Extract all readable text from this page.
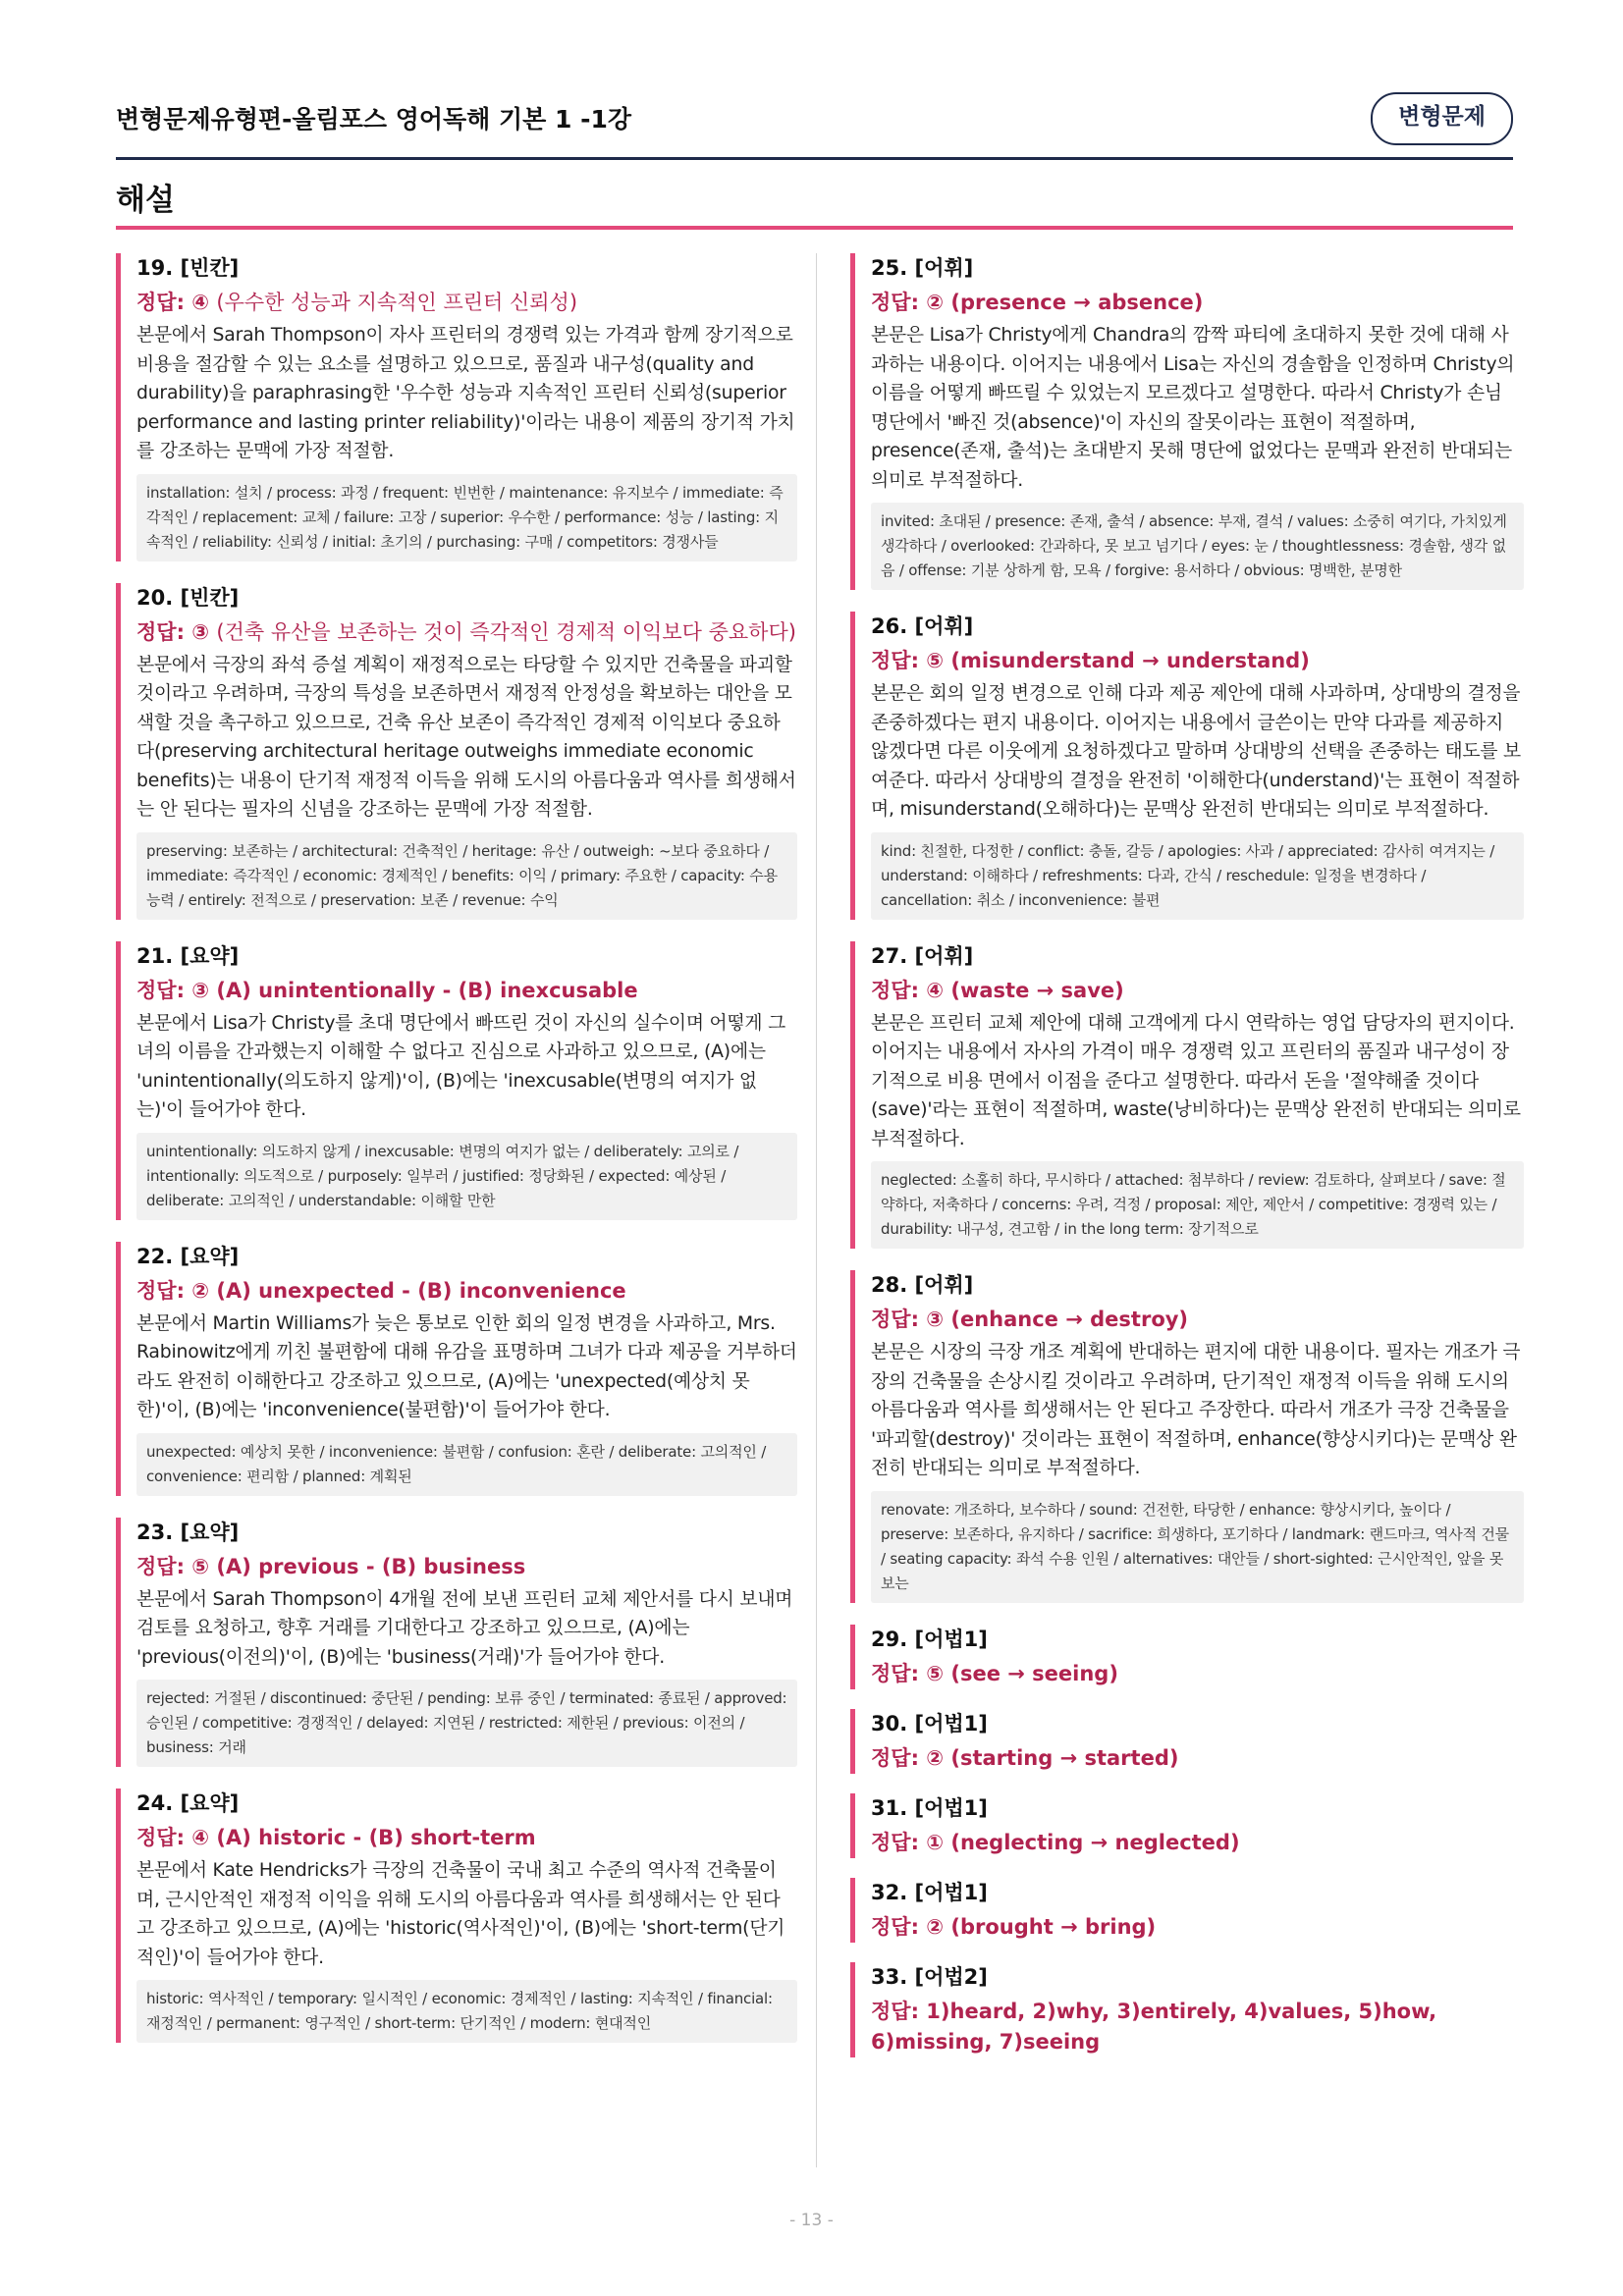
변형문제유형편-올림포스 영어독해 기본 1 -1강	변형문제
해설
19. [빈칸]
정답: ④ (우수한 성능과 지속적인 프린터 신뢰성)
본문에서 Sarah Thompson이 자사 프린터의 경쟁력 있는 가격과 함께 장기적으로 비용을 절감할 수 있는 요소를 설명하고 있으므로, 품질과 내구성(quality and durability)을 paraphrasing한 '우수한 성능과 지속적인 프린터 신뢰성(superior performance and lasting printer reliability)'이라는 내용이 제품의 장기적 가치를 강조하는 문맥에 가장 적절함.
installation: 설치 / process: 과정 / frequent: 빈번한 / maintenance: 유지보수 / immediate: 즉각적인 / replacement: 교체 / failure: 고장 / superior: 우수한 / performance: 성능 / lasting: 지속적인 / reliability: 신뢰성 / initial: 초기의 / purchasing: 구매 / competitors: 경쟁사들
20. [빈칸]
정답: ③ (건축 유산을 보존하는 것이 즉각적인 경제적 이익보다 중요하다)
본문에서 극장의 좌석 증설 계획이 재정적으로는 타당할 수 있지만 건축물을 파괴할 것이라고 우려하며, 극장의 특성을 보존하면서 재정적 안정성을 확보하는 대안을 모색할 것을 촉구하고 있으므로, 건축 유산 보존이 즉각적인 경제적 이익보다 중요하다(preserving architectural heritage outweighs immediate economic benefits)는 내용이 단기적 재정적 이득을 위해 도시의 아름다움과 역사를 희생해서는 안 된다는 필자의 신념을 강조하는 문맥에 가장 적절함.
preserving: 보존하는 / architectural: 건축적인 / heritage: 유산 / outweigh: ~보다 중요하다 / immediate: 즉각적인 / economic: 경제적인 / benefits: 이익 / primary: 주요한 / capacity: 수용 능력 / entirely: 전적으로 / preservation: 보존 / revenue: 수익
21. [요약]
정답: ③ (A) unintentionally - (B) inexcusable
본문에서 Lisa가 Christy를 초대 명단에서 빠뜨린 것이 자신의 실수이며 어떻게 그녀의 이름을 간과했는지 이해할 수 없다고 진심으로 사과하고 있으므로, (A)에는 'unintentionally(의도하지 않게)'이, (B)에는 'inexcusable(변명의 여지가 없는)'이 들어가야 한다.
unintentionally: 의도하지 않게 / inexcusable: 변명의 여지가 없는 / deliberately: 고의로 / intentionally: 의도적으로 / purposely: 일부러 / justified: 정당화된 / expected: 예상된 / deliberate: 고의적인 / understandable: 이해할 만한
22. [요약]
정답: ② (A) unexpected - (B) inconvenience
본문에서 Martin Williams가 늦은 통보로 인한 회의 일정 변경을 사과하고, Mrs. Rabinowitz에게 끼친 불편함에 대해 유감을 표명하며 그녀가 다과 제공을 거부하더라도 완전히 이해한다고 강조하고 있으므로, (A)에는 'unexpected(예상치 못한)'이, (B)에는 'inconvenience(불편함)'이 들어가야 한다.
unexpected: 예상치 못한 / inconvenience: 불편함 / confusion: 혼란 / deliberate: 고의적인 / convenience: 편리함 / planned: 계획된
23. [요약]
정답: ⑤ (A) previous - (B) business
본문에서 Sarah Thompson이 4개월 전에 보낸 프린터 교체 제안서를 다시 보내며 검토를 요청하고, 향후 거래를 기대한다고 강조하고 있으므로, (A)에는 'previous(이전의)'이, (B)에는 'business(거래)'가 들어가야 한다.
rejected: 거절된 / discontinued: 중단된 / pending: 보류 중인 / terminated: 종료된 / approved: 승인된 / competitive: 경쟁적인 / delayed: 지연된 / restricted: 제한된 / previous: 이전의 / business: 거래
24. [요약]
정답: ④ (A) historic - (B) short-term
본문에서 Kate Hendricks가 극장의 건축물이 국내 최고 수준의 역사적 건축물이며, 근시안적인 재정적 이익을 위해 도시의 아름다움과 역사를 희생해서는 안 된다고 강조하고 있으므로, (A)에는 'historic(역사적인)'이, (B)에는 'short-term(단기적인)'이 들어가야 한다.
historic: 역사적인 / temporary: 일시적인 / economic: 경제적인 / lasting: 지속적인 / financial: 재정적인 / permanent: 영구적인 / short-term: 단기적인 / modern: 현대적인
25. [어휘]
정답: ② (presence → absence)
본문은 Lisa가 Christy에게 Chandra의 깜짝 파티에 초대하지 못한 것에 대해 사과하는 내용이다. 이어지는 내용에서 Lisa는 자신의 경솔함을 인정하며 Christy의 이름을 어떻게 빠뜨릴 수 있었는지 모르겠다고 설명한다. 따라서 Christy가 손님 명단에서 '빠진 것(absence)'이 자신의 잘못이라는 표현이 적절하며, presence(존재, 출석)는 초대받지 못해 명단에 없었다는 문맥과 완전히 반대되는 의미로 부적절하다.
invited: 초대된 / presence: 존재, 출석 / absence: 부재, 결석 / values: 소중히 여기다, 가치있게 생각하다 / overlooked: 간과하다, 못 보고 넘기다 / eyes: 눈 / thoughtlessness: 경솔함, 생각 없음 / offense: 기분 상하게 함, 모욕 / forgive: 용서하다 / obvious: 명백한, 분명한
26. [어휘]
정답: ⑤ (misunderstand → understand)
본문은 회의 일정 변경으로 인해 다과 제공 제안에 대해 사과하며, 상대방의 결정을 존중하겠다는 편지 내용이다. 이어지는 내용에서 글쓴이는 만약 다과를 제공하지 않겠다면 다른 이웃에게 요청하겠다고 말하며 상대방의 선택을 존중하는 태도를 보여준다. 따라서 상대방의 결정을 완전히 '이해한다(understand)'는 표현이 적절하며, misunderstand(오해하다)는 문맥상 완전히 반대되는 의미로 부적절하다.
kind: 친절한, 다정한 / conflict: 충돌, 갈등 / apologies: 사과 / appreciated: 감사히 여겨지는 / understand: 이해하다 / refreshments: 다과, 간식 / reschedule: 일정을 변경하다 / cancellation: 취소 / inconvenience: 불편
27. [어휘]
정답: ④ (waste → save)
본문은 프린터 교체 제안에 대해 고객에게 다시 연락하는 영업 담당자의 편지이다. 이어지는 내용에서 자사의 가격이 매우 경쟁력 있고 프린터의 품질과 내구성이 장기적으로 비용 면에서 이점을 준다고 설명한다. 따라서 돈을 '절약해줄 것이다(save)'라는 표현이 적절하며, waste(낭비하다)는 문맥상 완전히 반대되는 의미로 부적절하다.
neglected: 소홀히 하다, 무시하다 / attached: 첨부하다 / review: 검토하다, 살펴보다 / save: 절약하다, 저축하다 / concerns: 우려, 걱정 / proposal: 제안, 제안서 / competitive: 경쟁력 있는 / durability: 내구성, 견고함 / in the long term: 장기적으로
28. [어휘]
정답: ③ (enhance → destroy)
본문은 시장의 극장 개조 계획에 반대하는 편지에 대한 내용이다. 필자는 개조가 극장의 건축물을 손상시킬 것이라고 우려하며, 단기적인 재정적 이득을 위해 도시의 아름다움과 역사를 희생해서는 안 된다고 주장한다. 따라서 개조가 극장 건축물을 '파괴할(destroy)' 것이라는 표현이 적절하며, enhance(향상시키다)는 문맥상 완전히 반대되는 의미로 부적절하다.
renovate: 개조하다, 보수하다 / sound: 건전한, 타당한 / enhance: 향상시키다, 높이다 / preserve: 보존하다, 유지하다 / sacrifice: 희생하다, 포기하다 / landmark: 랜드마크, 역사적 건물 / seating capacity: 좌석 수용 인원 / alternatives: 대안들 / short-sighted: 근시안적인, 앞을 못 보는
29. [어법1]
정답: ⑤ (see → seeing)
30. [어법1]
정답: ② (starting → started)
31. [어법1]
정답: ① (neglecting → neglected)
32. [어법1]
정답: ② (brought → bring)
33. [어법2]
정답: 1)heard, 2)why, 3)entirely, 4)values, 5)how, 6)missing, 7)seeing
- 13 -
